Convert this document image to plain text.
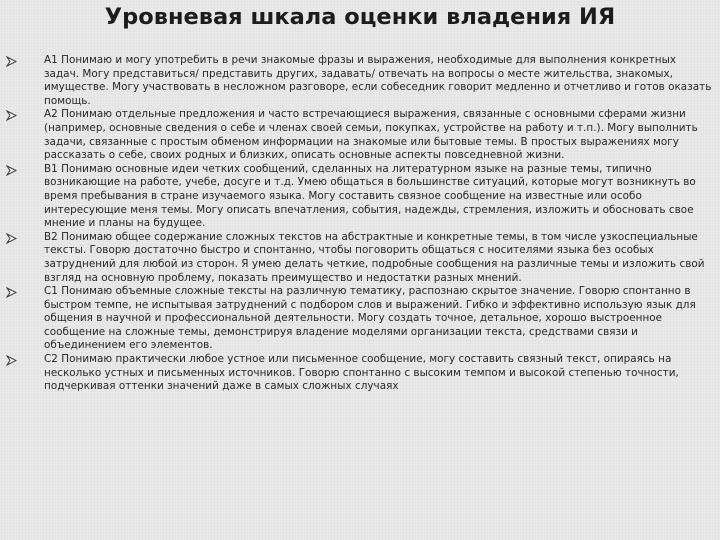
Уровневая шкала оценки владения ИЯ
А1 Понимаю и могу употребить в речи знакомые фразы и выражения, необходимые для выполнения конкретных задач. Могу представиться/ представить других, задавать/ отвечать на вопросы о месте жительства, знакомых, имуществе. Могу участвовать в несложном разговоре, если собеседник говорит медленно и отчетливо и готов оказать помощь.
А2 Понимаю отдельные предложения и часто встречающиеся выражения, связанные с основными сферами жизни (например, основные сведения о себе и членах своей семьи, покупках, устройстве на работу и т.п.). Могу выполнить задачи, связанные с простым обменом информации на знакомые или бытовые темы. В простых выражениях могу рассказать о себе, своих родных и близких, описать основные аспекты повседневной жизни.
В1 Понимаю основные идеи четких сообщений, сделанных на литературном языке на разные темы, типично возникающие на работе, учебе, досуге и т.д. Умею общаться в большинстве ситуаций, которые могут возникнуть во время пребывания в стране изучаемого языка. Могу составить связное сообщение на известные или особо интересующие меня темы. Могу описать впечатления, события, надежды, стремления, изложить и обосновать свое мнение и планы на будущее.
В2 Понимаю общее содержание сложных текстов на абстрактные и конкретные темы, в том числе узкоспециальные тексты. Говорю достаточно быстро и спонтанно, чтобы поговорить общаться с носителями языка без особых затруднений для любой из сторон. Я умею делать четкие, подробные сообщения на различные темы и изложить свой взгляд на основную проблему, показать преимущество и недостатки разных мнений.
С1 Понимаю объемные сложные тексты на различную тематику, распознаю скрытое значение. Говорю спонтанно в быстром темпе, не испытывая затруднений с подбором слов и выражений. Гибко и эффективно использую язык для общения в научной и профессиональной деятельности. Могу создать точное, детальное, хорошо выстроенное сообщение на сложные темы, демонстрируя владение моделями организации текста, средствами связи и объединением его элементов.
С2 Понимаю практически любое устное или письменное сообщение, могу составить связный текст, опираясь на несколько устных и письменных источников. Говорю спонтанно с высоким темпом и высокой степенью точности, подчеркивая оттенки значений даже в самых сложных случаях
